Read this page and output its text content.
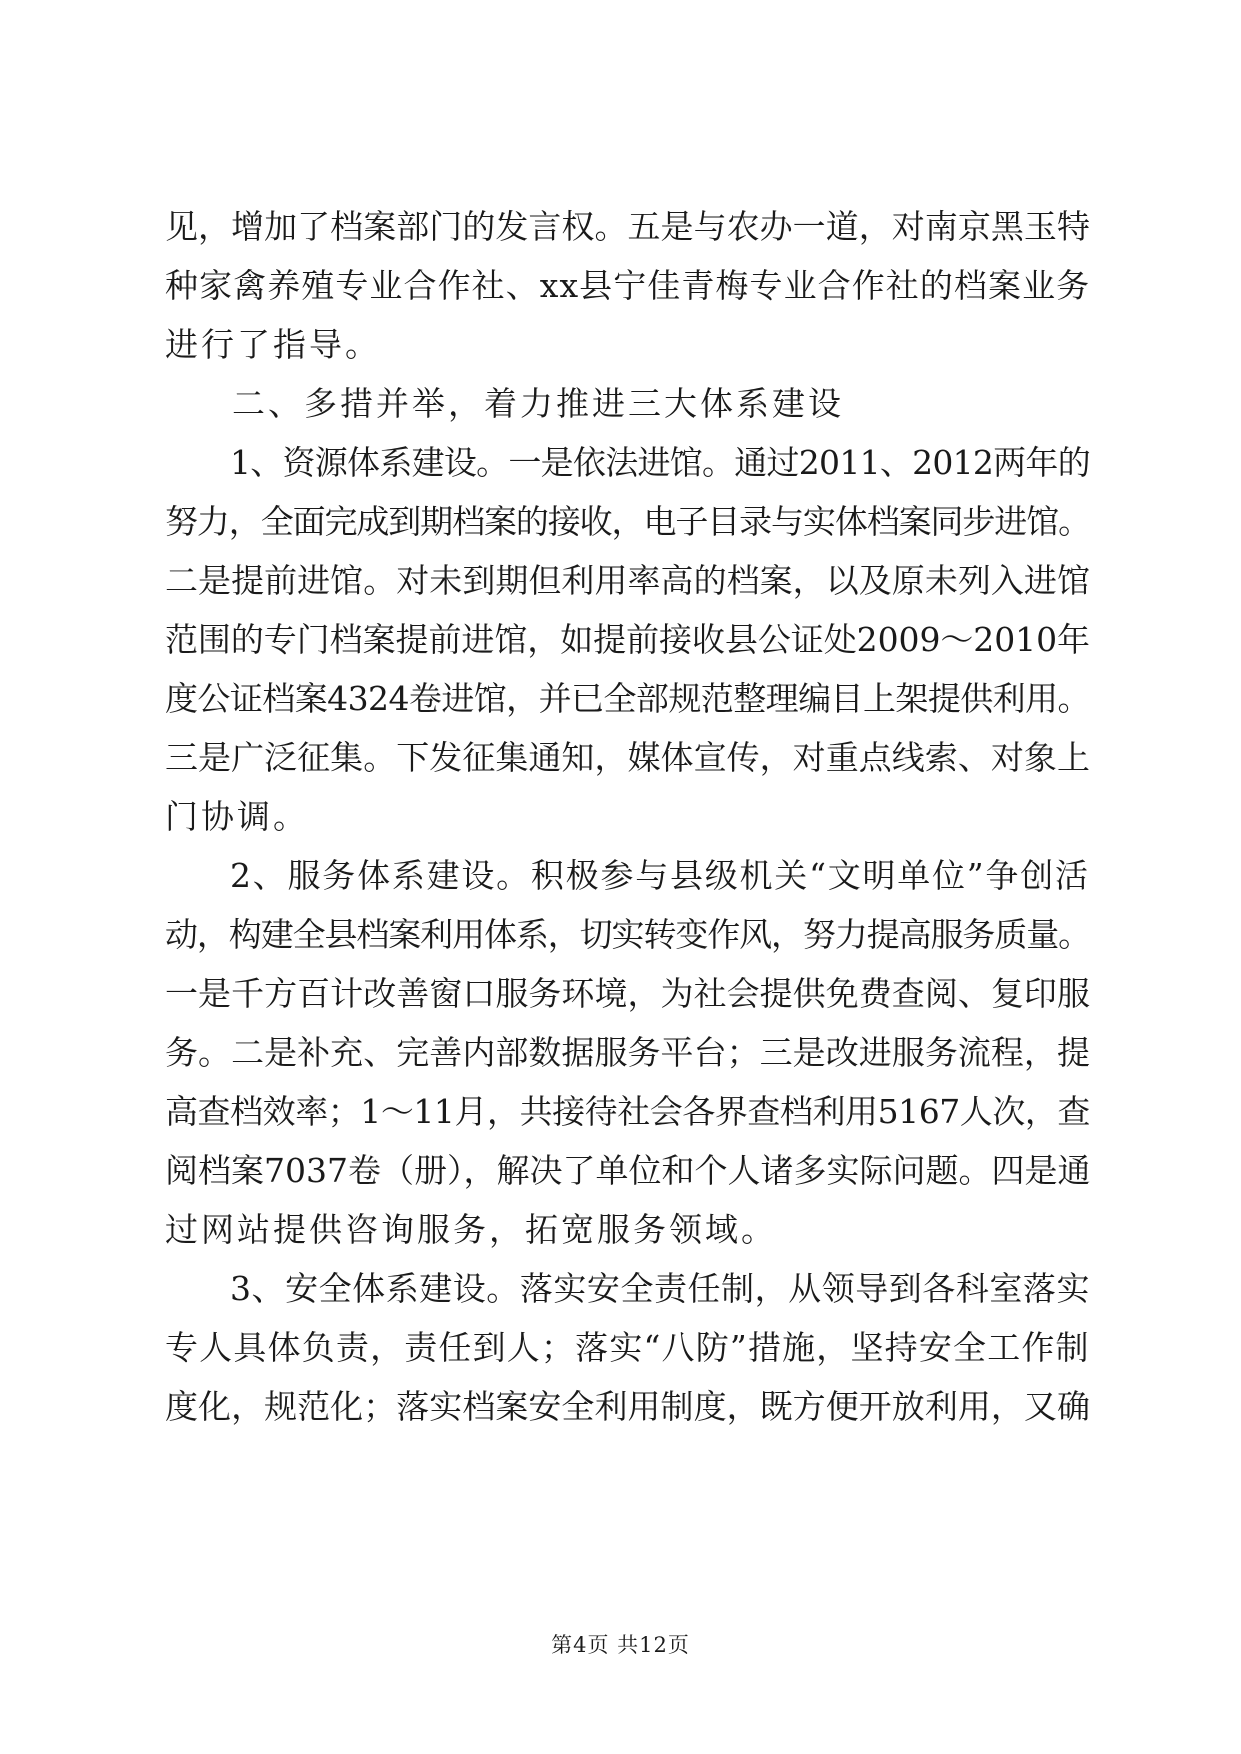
见，增加了档案部门的发言权。五是与农办一道，对南京黑玉特
种家禽养殖专业合作社、xx县宁佳青梅专业合作社的档案业务
进行了指导。
二、多措并举，着力推进三大体系建设
1、资源体系建设。一是依法进馆。通过2011、2012两年的
努力，全面完成到期档案的接收，电子目录与实体档案同步进馆。
二是提前进馆。对未到期但利用率高的档案，以及原未列入进馆
范围的专门档案提前进馆，如提前接收县公证处2009～2010年
度公证档案4324卷进馆，并已全部规范整理编目上架提供利用。
三是广泛征集。下发征集通知，媒体宣传，对重点线索、对象上
门协调。
2、服务体系建设。积极参与县级机关“文明单位”争创活
动，构建全县档案利用体系，切实转变作风，努力提高服务质量。
一是千方百计改善窗口服务环境，为社会提供免费查阅、复印服
务。二是补充、完善内部数据服务平台；三是改进服务流程，提
高查档效率；1～11月，共接待社会各界查档利用5167人次，查
阅档案7037卷（册），解决了单位和个人诸多实际问题。四是通
过网站提供咨询服务，拓宽服务领域。
3、安全体系建设。落实安全责任制，从领导到各科室落实
专人具体负责，责任到人；落实“八防”措施，坚持安全工作制
度化，规范化；落实档案安全利用制度，既方便开放利用，又确
第4页 共12页
